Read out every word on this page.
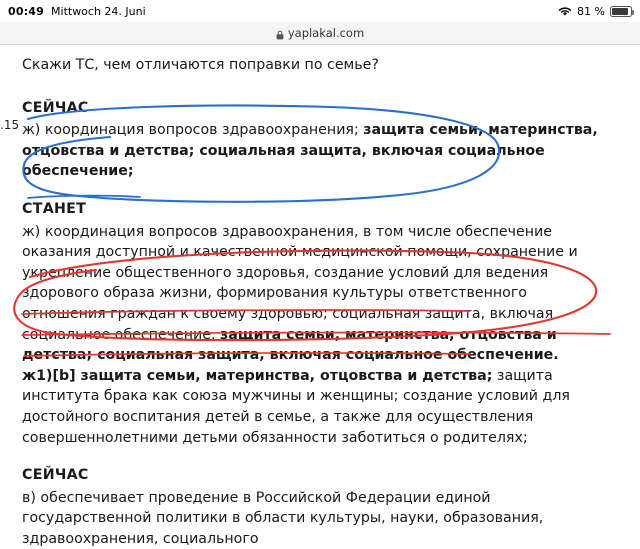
00:49 Mittwoch 24. Juni	81 %
yaplakal.com
.15

Скажи ТС, чем отличаются поправки по семье?

СЕЙЧАС

ж) координация вопросов здравоохранения; защита семьи, материнства, отцовства и детства; социальная защита, включая социальное обеспечение;

СТАНЕТ

ж) координация вопросов здравоохранения, в том числе обеспечение оказания доступной и качественной медицинской помощи, сохранение и укрепление общественного здоровья, создание условий для ведения здорового образа жизни, формирования культуры ответственного отношения граждан к своему здоровью; социальная защита, включая социальное обеспечение. защита семьи, материнства, отцовства и детства; социальная защита, включая социальное обеспечение.

ж1)[b] защита семьи, материнства, отцовства и детства; защита института брака как союза мужчины и женщины; создание условий для достойного воспитания детей в семье, а также для осуществления совершеннолетними детьми обязанности заботиться о родителях;

СЕЙЧАС

в) обеспечивает проведение в Российской Федерации единой государственной политики в области культуры, науки, образования, здравоохранения, социального
